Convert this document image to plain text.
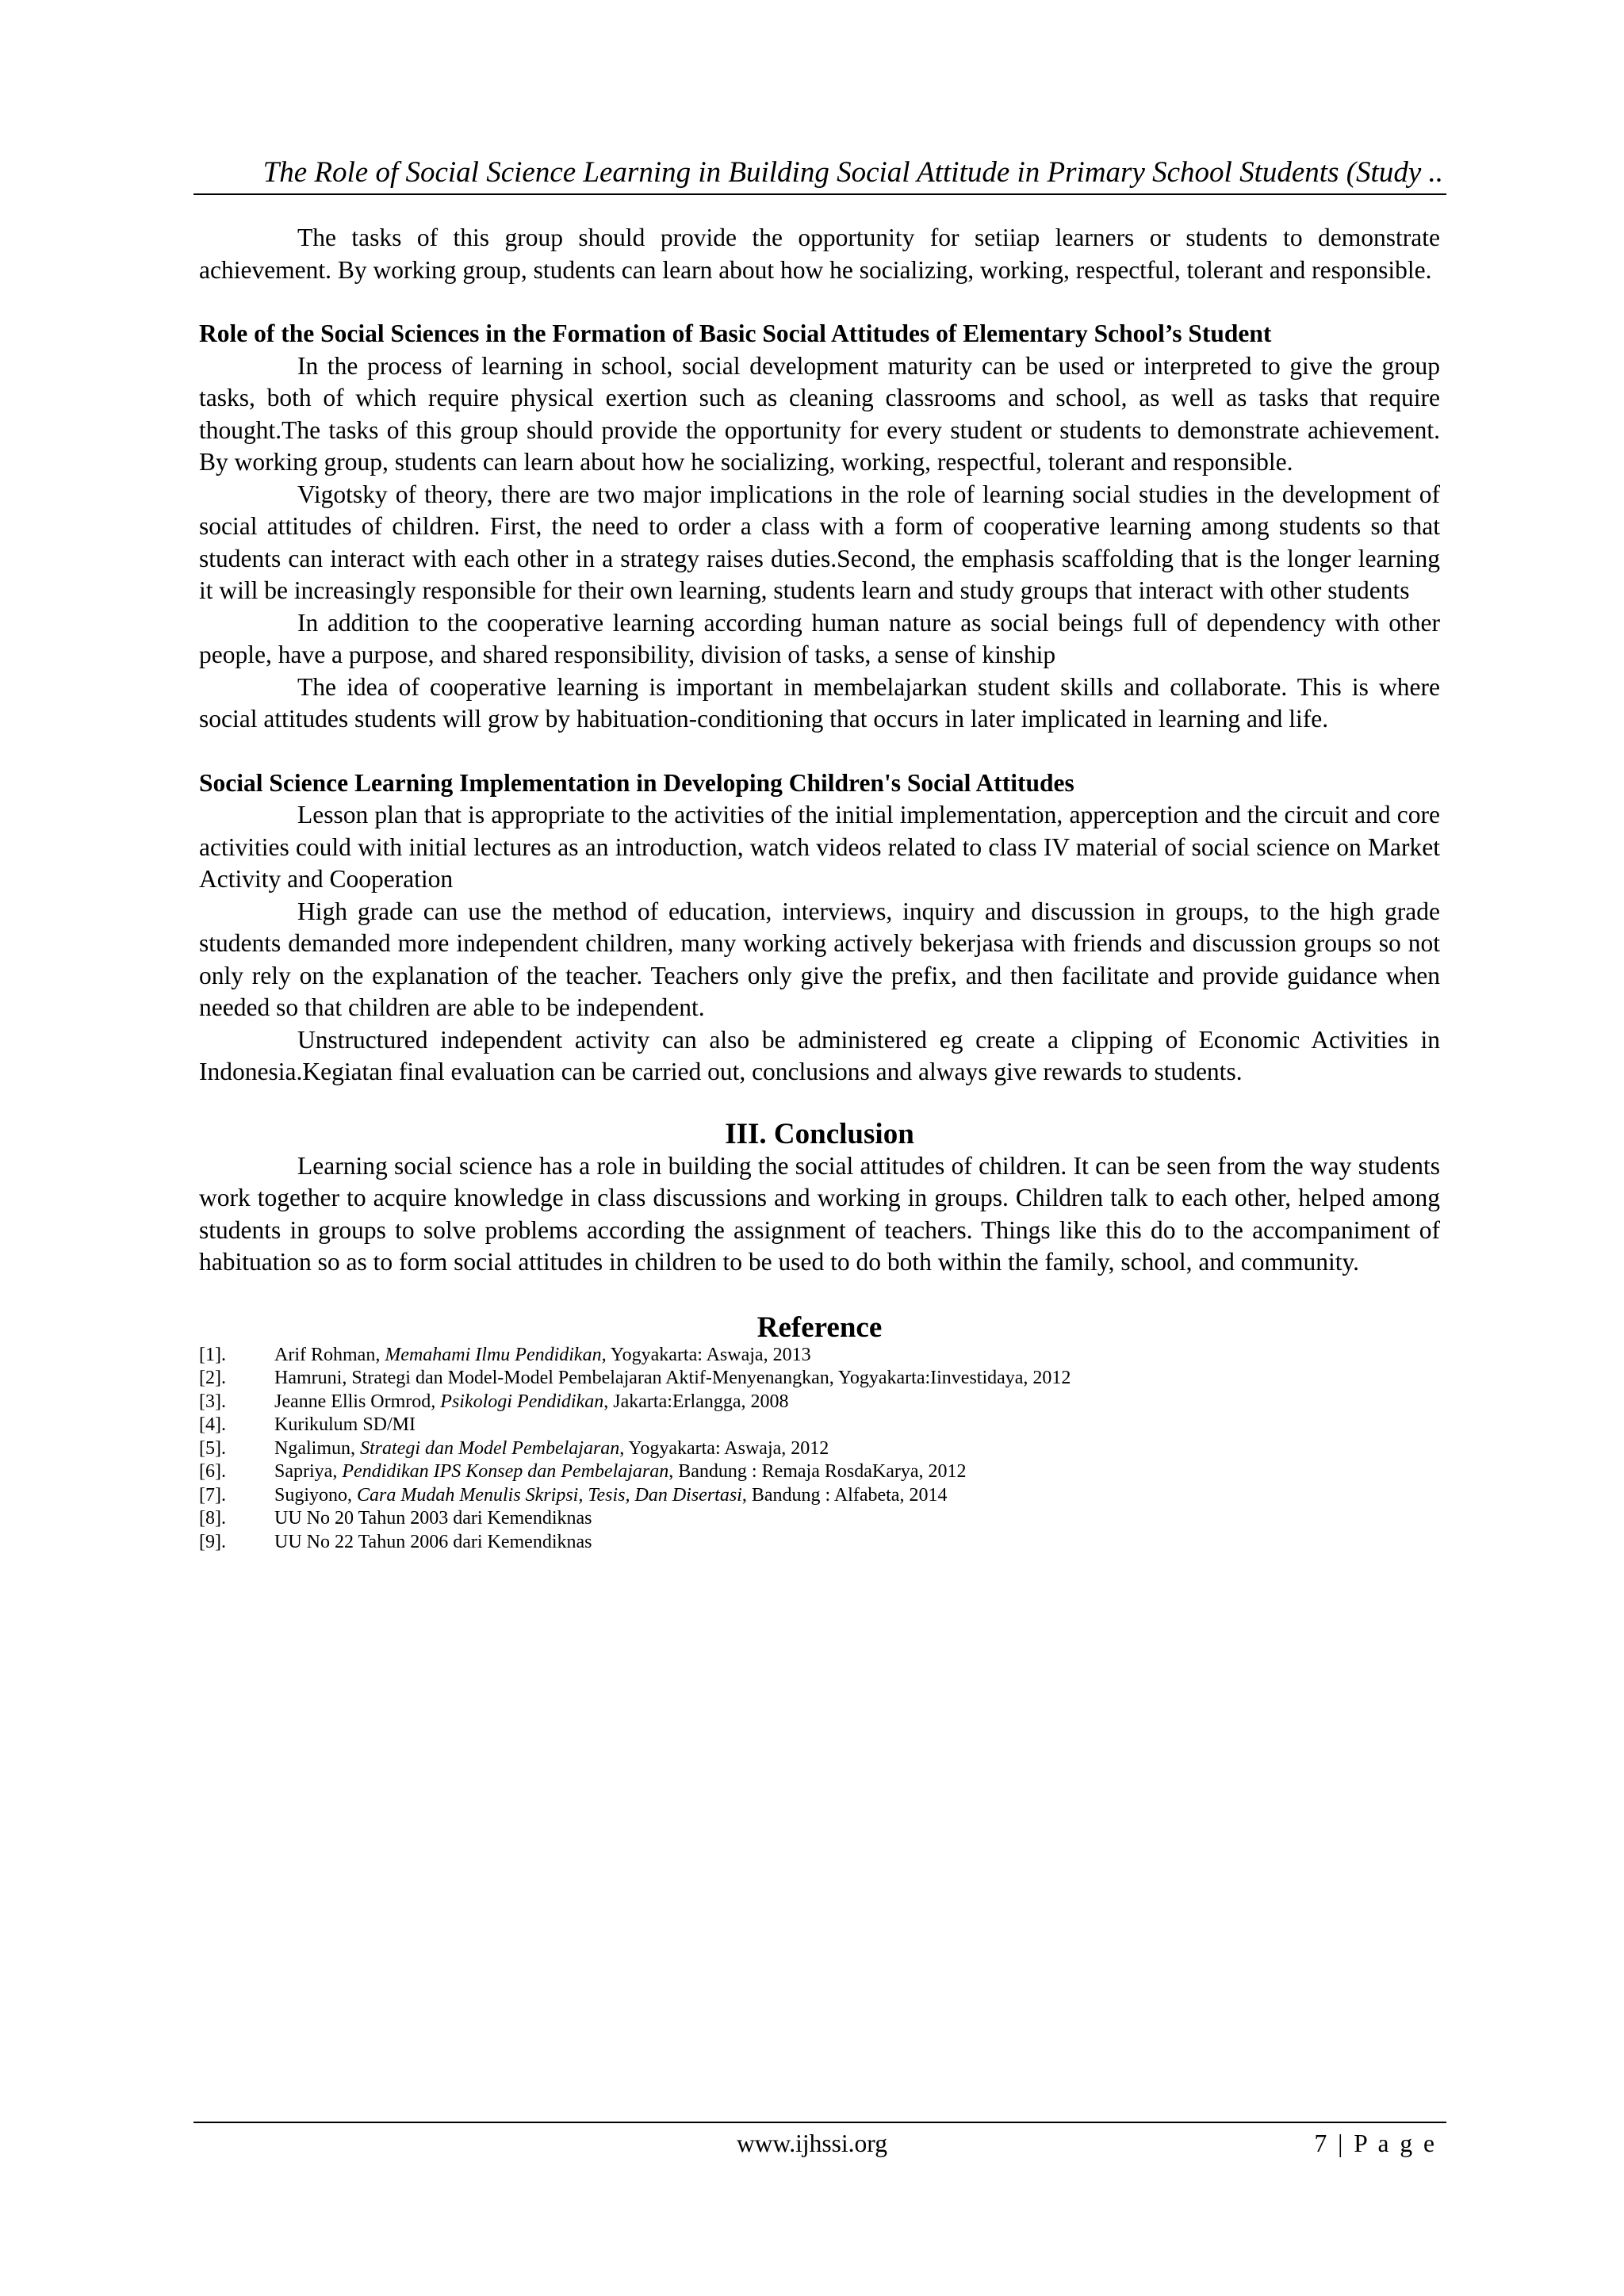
The Role of Social Science Learning in Building Social Attitude in Primary School Students (Study ..

The tasks of this group should provide the opportunity for setiiap learners or students to demonstrate achievement. By working group, students can learn about how he socializing, working, respectful, tolerant and responsible.

Role of the Social Sciences in the Formation of Basic Social Attitudes of Elementary School’s Student

In the process of learning in school, social development maturity can be used or interpreted to give the group tasks, both of which require physical exertion such as cleaning classrooms and school, as well as tasks that require thought.The tasks of this group should provide the opportunity for every student or students to demonstrate achievement. By working group, students can learn about how he socializing, working, respectful, tolerant and responsible.

Vigotsky of theory, there are two major implications in the role of learning social studies in the development of social attitudes of children. First, the need to order a class with a form of cooperative learning among students so that students can interact with each other in a strategy raises duties.Second, the emphasis scaffolding that is the longer learning it will be increasingly responsible for their own learning, students learn and study groups that interact with other students

In addition to the cooperative learning according human nature as social beings full of dependency with other people, have a purpose, and shared responsibility, division of tasks, a sense of kinship

The idea of cooperative learning is important in membelajarkan student skills and collaborate. This is where social attitudes students will grow by habituation-conditioning that occurs in later implicated in learning and life.

Social Science Learning Implementation in Developing Children's Social Attitudes

Lesson plan that is appropriate to the activities of the initial implementation, apperception and the circuit and core activities could with initial lectures as an introduction, watch videos related to class IV material of social science on Market Activity and Cooperation

High grade can use the method of education, interviews, inquiry and discussion in groups, to the high grade students demanded more independent children, many working actively bekerjasa with friends and discussion groups so not only rely on the explanation of the teacher. Teachers only give the prefix, and then facilitate and provide guidance when needed so that children are able to be independent.

Unstructured independent activity can also be administered eg create a clipping of Economic Activities in Indonesia.Kegiatan final evaluation can be carried out, conclusions and always give rewards to students.

III. Conclusion

Learning social science has a role in building the social attitudes of children. It can be seen from the way students work together to acquire knowledge in class discussions and working in groups. Children talk to each other, helped among students in groups to solve problems according the assignment of teachers. Things like this do to the accompaniment of habituation so as to form social attitudes in children to be used to do both within the family, school, and community.

Reference
[1].	Arif Rohman, Memahami Ilmu Pendidikan, Yogyakarta: Aswaja, 2013
[2].	Hamruni, Strategi dan Model-Model Pembelajaran Aktif-Menyenangkan, Yogyakarta:Iinvestidaya, 2012
[3].	Jeanne Ellis Ormrod, Psikologi Pendidikan, Jakarta:Erlangga, 2008
[4].	Kurikulum SD/MI
[5].	Ngalimun, Strategi dan Model Pembelajaran, Yogyakarta: Aswaja, 2012
[6].	Sapriya, Pendidikan IPS Konsep dan Pembelajaran, Bandung : Remaja RosdaKarya, 2012
[7].	Sugiyono, Cara Mudah Menulis Skripsi, Tesis, Dan Disertasi, Bandung : Alfabeta, 2014
[8].	UU No 20 Tahun 2003 dari Kemendiknas
[9].	UU No 22 Tahun 2006 dari Kemendiknas
www.ijhssi.org	7 | P a g e
